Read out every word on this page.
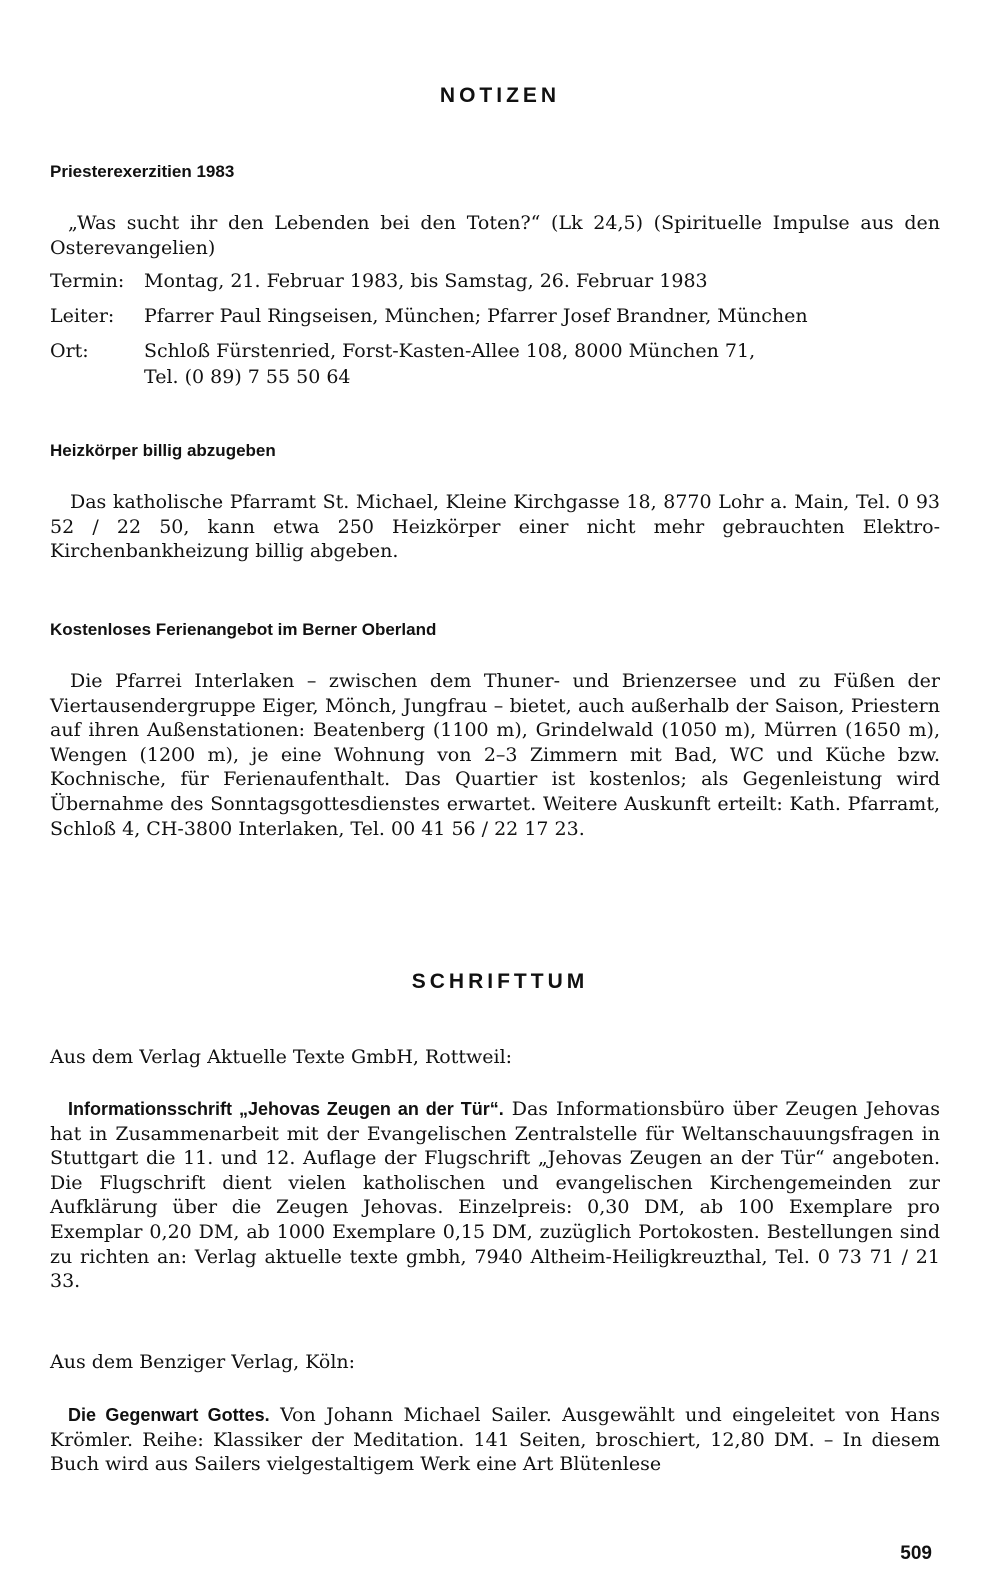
NOTIZEN
Priesterexerzitien 1983
„Was sucht ihr den Lebenden bei den Toten?“ (Lk 24,5) (Spirituelle Impulse aus den Osterevangelien)
Termin:	Montag, 21. Februar 1983, bis Samstag, 26. Februar 1983
Leiter:	Pfarrer Paul Ringseisen, München; Pfarrer Josef Brandner, München
Ort:	Schloß Fürstenried, Forst-Kasten-Allee 108, 8000 München 71,
Tel. (0 89) 7 55 50 64
Heizkörper billig abzugeben
Das katholische Pfarramt St. Michael, Kleine Kirchgasse 18, 8770 Lohr a. Main, Tel. 0 93 52 / 22 50, kann etwa 250 Heizkörper einer nicht mehr gebrauchten Elektro-Kirchenbankheizung billig abgeben.
Kostenloses Ferienangebot im Berner Oberland
Die Pfarrei Interlaken – zwischen dem Thuner- und Brienzersee und zu Füßen der Viertausendergruppe Eiger, Mönch, Jungfrau – bietet, auch außerhalb der Saison, Priestern auf ihren Außenstationen: Beatenberg (1100 m), Grindelwald (1050 m), Mürren (1650 m), Wengen (1200 m), je eine Wohnung von 2–3 Zimmern mit Bad, WC und Küche bzw. Kochnische, für Ferienaufenthalt. Das Quartier ist kostenlos; als Gegenleistung wird Übernahme des Sonntagsgottesdienstes erwartet. Weitere Auskunft erteilt: Kath. Pfarramt, Schloß 4, CH-3800 Interlaken, Tel. 00 41 56 / 22 17 23.
SCHRIFTTUM
Aus dem Verlag Aktuelle Texte GmbH, Rottweil:
Informationsschrift „Jehovas Zeugen an der Tür“. Das Informationsbüro über Zeugen Jehovas hat in Zusammenarbeit mit der Evangelischen Zentralstelle für Weltanschauungsfragen in Stuttgart die 11. und 12. Auflage der Flugschrift „Jehovas Zeugen an der Tür“ angeboten. Die Flugschrift dient vielen katholischen und evangelischen Kirchengemeinden zur Aufklärung über die Zeugen Jehovas. Einzelpreis: 0,30 DM, ab 100 Exemplare pro Exemplar 0,20 DM, ab 1000 Exemplare 0,15 DM, zuzüglich Portokosten. Bestellungen sind zu richten an: Verlag aktuelle texte gmbh, 7940 Altheim-Heiligkreuzthal, Tel. 0 73 71 / 21 33.
Aus dem Benziger Verlag, Köln:
Die Gegenwart Gottes. Von Johann Michael Sailer. Ausgewählt und eingeleitet von Hans Krömler. Reihe: Klassiker der Meditation. 141 Seiten, broschiert, 12,80 DM. – In diesem Buch wird aus Sailers vielgestaltigem Werk eine Art Blütenlese
509
